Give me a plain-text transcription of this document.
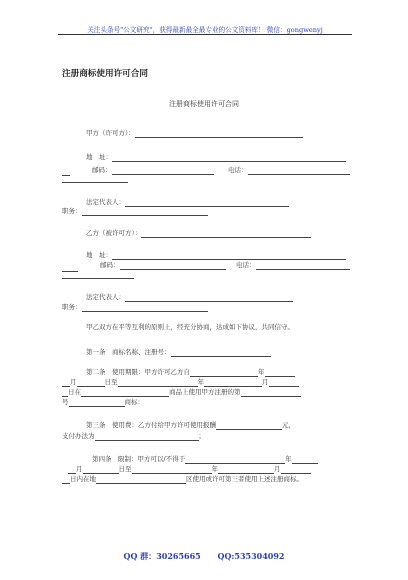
关注头条号"公文研究"，获得最新最全最专业的公文资料库！ 微信：gongwenyj
注册商标使用许可合同
注册商标使用许可合同
甲方（许可方）：
地　址：
邮码：	电话：
法定代表人：
职务：
乙方（被许可方）：
地　址：
邮码：	电话：
法定代表人：
职务：
甲乙双方在平等互利的原则上，经充分协商，达成如下协议，共同信守。
第一条　商标名称、注册号：
第二条　使用期限：甲方许可乙方自	年
月	日至	年	月
日在	商品上使用甲方注册的第
号	商标：
第三条　使用费：乙方付给甲方许可使用报酬	元，
支付办法为	；
第四条　限制：甲方可以/不得于	年
月	日至	年	月
日内在地	区使用或许可第三者使用上述注册商标。
QQ 群：30265665 QQ:535304092
